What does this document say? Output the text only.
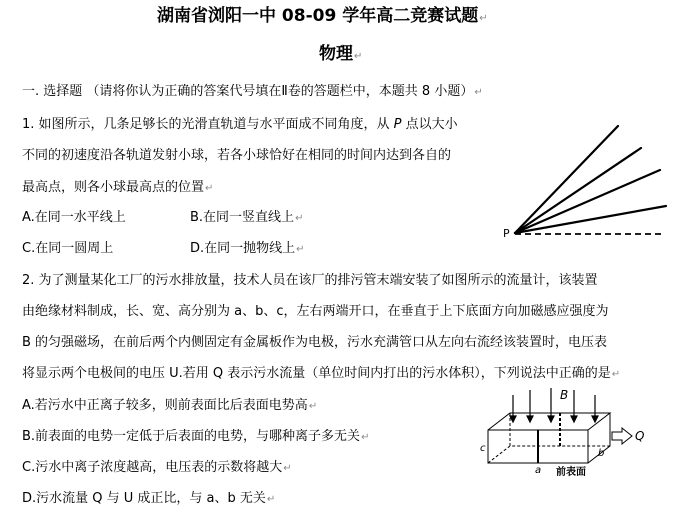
湖南省浏阳一中 08-09 学年高二竞赛试题↵
物理↵
一. 选择题 （请将你认为正确的答案代号填在Ⅱ卷的答题栏中，本题共 8 小题）↵
1. 如图所示，几条足够长的光滑直轨道与水平面成不同角度，从 P 点以大小
不同的初速度沿各轨道发射小球，若各小球恰好在相同的时间内达到各自的
最高点，则各小球最高点的位置↵
A.在同一水平线上	B.在同一竖直线上↵
C.在同一圆周上	D.在同一抛物线上↵
P
2. 为了测量某化工厂的污水排放量，技术人员在该厂的排污管末端安装了如图所示的流量计，该装置
由绝缘材料制成，长、宽、高分别为 a、b、c，左右两端开口，在垂直于上下底面方向加磁感应强度为
B 的匀强磁场，在前后两个内侧固定有金属板作为电极，污水充满管口从左向右流经该装置时，电压表
将显示两个电极间的电压 U.若用 Q 表示污水流量（单位时间内打出的污水体积），下列说法中正确的是↵
A.若污水中正离子较多，则前表面比后表面电势高↵
B.前表面的电势一定低于后表面的电势，与哪种离子多无关↵
C.污水中离子浓度越高，电压表的示数将越大↵
D.污水流量 Q 与 U 成正比，与 a、b 无关↵
B
Q
a
b
c
前表面
